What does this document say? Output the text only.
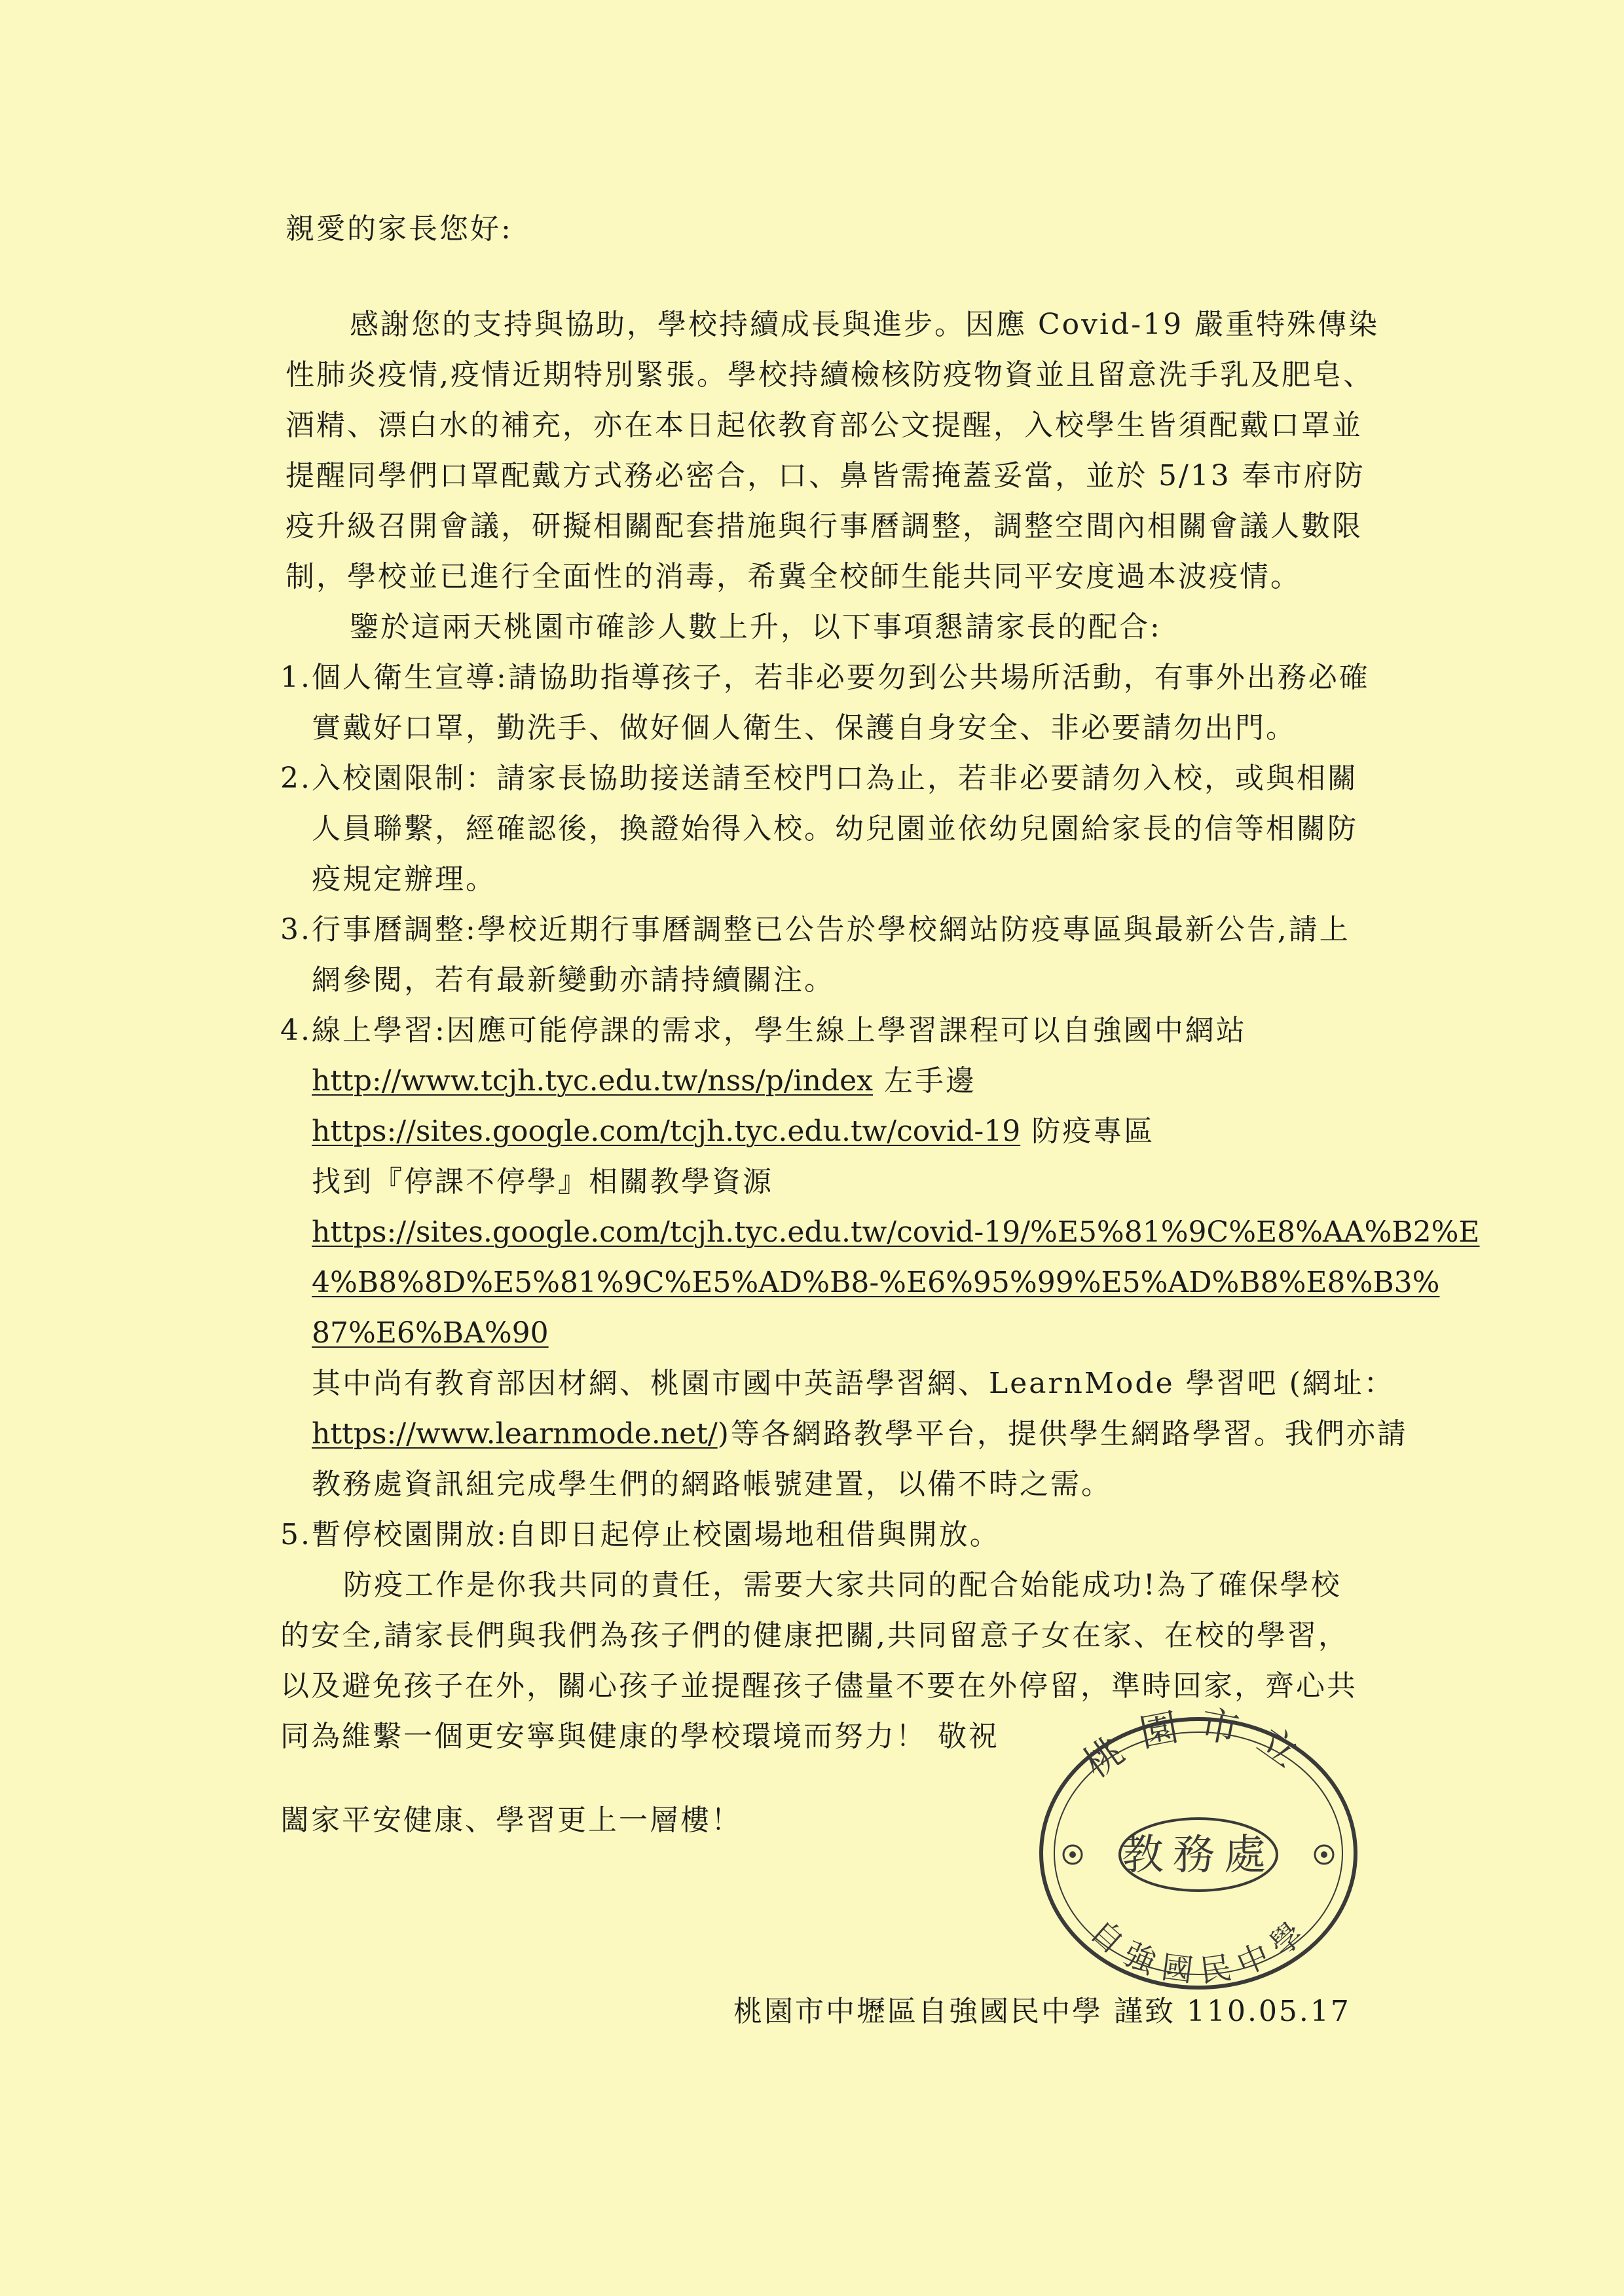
親愛的家長您好:
感謝您的支持與協助，學校持續成長與進步。因應 Covid-19 嚴重特殊傳染
性肺炎疫情,疫情近期特別緊張。學校持續檢核防疫物資並且留意洗手乳及肥皂、
酒精、漂白水的補充，亦在本日起依教育部公文提醒，入校學生皆須配戴口罩並
提醒同學們口罩配戴方式務必密合，口、鼻皆需掩蓋妥當，並於 5/13 奉市府防
疫升級召開會議，研擬相關配套措施與行事曆調整，調整空間內相關會議人數限
制，學校並已進行全面性的消毒，希冀全校師生能共同平安度過本波疫情。
鑒於這兩天桃園市確診人數上升，以下事項懇請家長的配合:
1.個人衛生宣導:請協助指導孩子，若非必要勿到公共場所活動，有事外出務必確
實戴好口罩，勤洗手、做好個人衛生、保護自身安全、非必要請勿出門。
2.入校園限制：請家長協助接送請至校門口為止，若非必要請勿入校，或與相關
人員聯繫，經確認後，換證始得入校。幼兒園並依幼兒園給家長的信等相關防
疫規定辦理。
3.行事曆調整:學校近期行事曆調整已公告於學校網站防疫專區與最新公告,請上
網參閱，若有最新變動亦請持續關注。
4.線上學習:因應可能停課的需求，學生線上學習課程可以自強國中網站
http://www.tcjh.tyc.edu.tw/nss/p/index 左手邊
https://sites.google.com/tcjh.tyc.edu.tw/covid-19 防疫專區
找到『停課不停學』相關教學資源
https://sites.google.com/tcjh.tyc.edu.tw/covid-19/%E5%81%9C%E8%AA%B2%E
4%B8%8D%E5%81%9C%E5%AD%B8-%E6%95%99%E5%AD%B8%E8%B3%
87%E6%BA%90
其中尚有教育部因材網、桃園市國中英語學習網、LearnMode 學習吧 (網址：
https://www.learnmode.net/)等各網路教學平台，提供學生網路學習。我們亦請
教務處資訊組完成學生們的網路帳號建置，以備不時之需。
5.暫停校園開放:自即日起停止校園場地租借與開放。
防疫工作是你我共同的責任，需要大家共同的配合始能成功!為了確保學校
的安全,請家長們與我們為孩子們的健康把關,共同留意子女在家、在校的學習，
以及避免孩子在外，關心孩子並提醒孩子儘量不要在外停留，準時回家，齊心共
同為維繫一個更安寧與健康的學校環境而努力！ 敬祝
闔家平安健康、學習更上一層樓！
桃園市中壢區自強國民中學 謹致 110.05.17
桃園市立
教務處
自強國民中學
